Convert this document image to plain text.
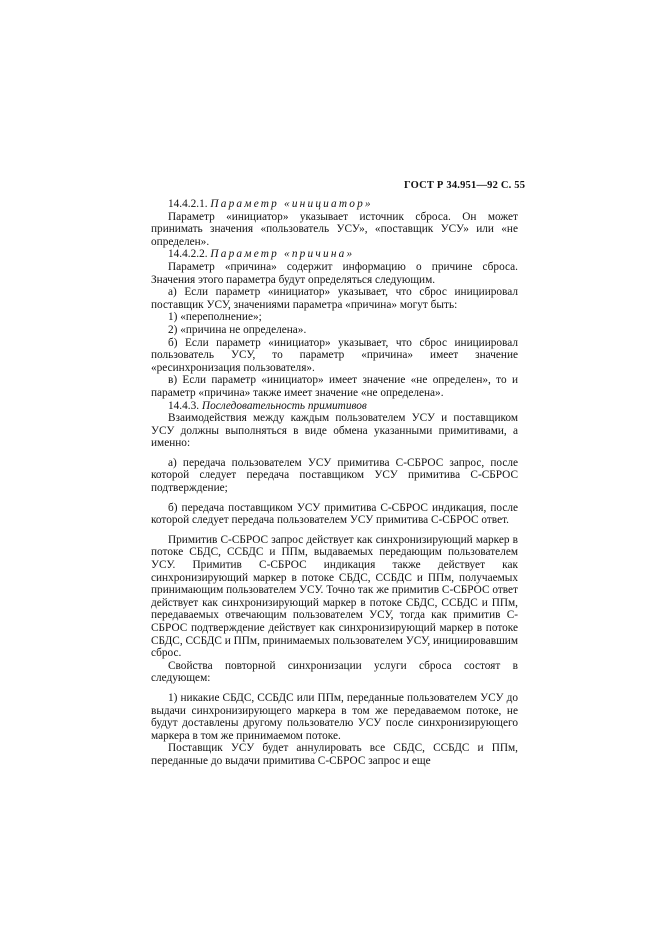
ГОСТ Р 34.951—92 С. 55

14.4.2.1. Параметр «инициатор»

Параметр «инициатор» указывает источник сброса. Он может принимать значения «пользователь УСУ», «поставщик УСУ» или «не определен».

14.4.2.2. Параметр «причина»

Параметр «причина» содержит информацию о причине сброса. Значения этого параметра будут определяться следующим.

а) Если параметр «инициатор» указывает, что сброс инициировал поставщик УСУ, значениями параметра «причина» могут быть:

1) «переполнение»;

2) «причина не определена».

б) Если параметр «инициатор» указывает, что сброс инициировал пользователь УСУ, то параметр «причина» имеет значение «ресинхронизация пользователя».

в) Если параметр «инициатор» имеет значение «не определен», то и параметр «причина» также имеет значение «не определена».

14.4.3. Последовательность примитивов

Взаимодействия между каждым пользователем УСУ и поставщиком УСУ должны выполняться в виде обмена указанными примитивами, а именно:

а) передача пользователем УСУ примитива С-СБРОС запрос, после которой следует передача поставщиком УСУ примитива С-СБРОС подтверждение;

б) передача поставщиком УСУ примитива С-СБРОС индикация, после которой следует передача пользователем УСУ примитива С-СБРОС ответ.

Примитив С-СБРОС запрос действует как синхронизирующий маркер в потоке СБДС, ССБДС и ППм, выдаваемых передающим пользователем УСУ. Примитив С-СБРОС индикация также действует как синхронизирующий маркер в потоке СБДС, ССБДС и ППм, получаемых принимающим пользователем УСУ. Точно так же примитив С-СБРОС ответ действует как синхронизирующий маркер в потоке СБДС, ССБДС и ППм, передаваемых отвечающим пользователем УСУ, тогда как примитив С-СБРОС подтверждение действует как синхронизирующий маркер в потоке СБДС, ССБДС и ППм, принимаемых пользователем УСУ, инициировавшим сброс.

Свойства повторной синхронизации услуги сброса состоят в следующем:

1) никакие СБДС, ССБДС или ППм, переданные пользователем УСУ до выдачи синхронизирующего маркера в том же передаваемом потоке, не будут доставлены другому пользователю УСУ после синхронизирующего маркера в том же принимаемом потоке.

Поставщик УСУ будет аннулировать все СБДС, ССБДС и ППм, переданные до выдачи примитива С-СБРОС запрос и еще
